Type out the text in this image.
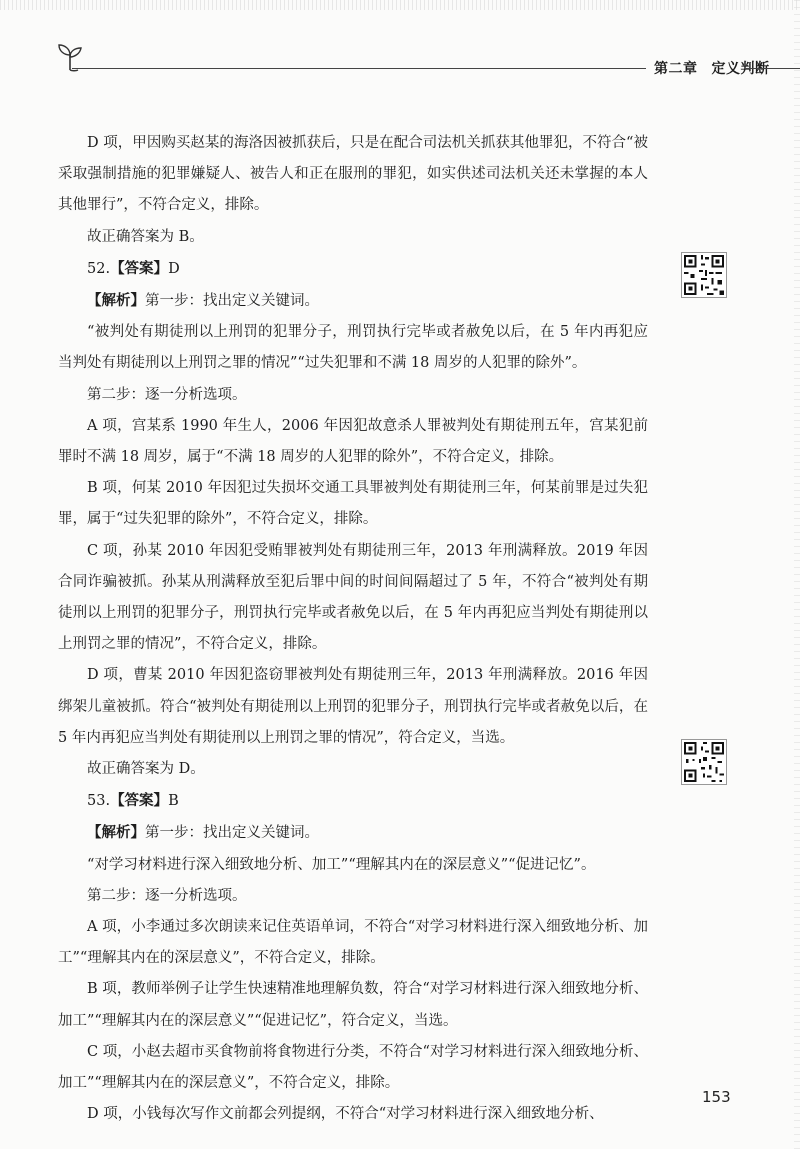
第二章 定义判断

D 项，甲因购买赵某的海洛因被抓获后，只是在配合司法机关抓获其他罪犯，不符合“被采取强制措施的犯罪嫌疑人、被告人和正在服刑的罪犯，如实供述司法机关还未掌握的本人其他罪行”，不符合定义，排除。

故正确答案为 B。

52.【答案】D

【解析】第一步：找出定义关键词。

“被判处有期徒刑以上刑罚的犯罪分子，刑罚执行完毕或者赦免以后，在 5 年内再犯应当判处有期徒刑以上刑罚之罪的情况”“过失犯罪和不满 18 周岁的人犯罪的除外”。

第二步：逐一分析选项。

A 项，宫某系 1990 年生人，2006 年因犯故意杀人罪被判处有期徒刑五年，宫某犯前罪时不满 18 周岁，属于“不满 18 周岁的人犯罪的除外”，不符合定义，排除。

B 项，何某 2010 年因犯过失损坏交通工具罪被判处有期徒刑三年，何某前罪是过失犯罪，属于“过失犯罪的除外”，不符合定义，排除。

C 项，孙某 2010 年因犯受贿罪被判处有期徒刑三年，2013 年刑满释放。2019 年因合同诈骗被抓。孙某从刑满释放至犯后罪中间的时间间隔超过了 5 年，不符合“被判处有期徒刑以上刑罚的犯罪分子，刑罚执行完毕或者赦免以后，在 5 年内再犯应当判处有期徒刑以上刑罚之罪的情况”，不符合定义，排除。

D 项，曹某 2010 年因犯盗窃罪被判处有期徒刑三年，2013 年刑满释放。2016 年因绑架儿童被抓。符合“被判处有期徒刑以上刑罚的犯罪分子，刑罚执行完毕或者赦免以后，在 5 年内再犯应当判处有期徒刑以上刑罚之罪的情况”，符合定义，当选。

故正确答案为 D。

53.【答案】B

【解析】第一步：找出定义关键词。

“对学习材料进行深入细致地分析、加工”“理解其内在的深层意义”“促进记忆”。

第二步：逐一分析选项。

A 项，小李通过多次朗读来记住英语单词，不符合“对学习材料进行深入细致地分析、加工”“理解其内在的深层意义”，不符合定义，排除。

B 项，教师举例子让学生快速精准地理解负数，符合“对学习材料进行深入细致地分析、加工”“理解其内在的深层意义”“促进记忆”，符合定义，当选。

C 项，小赵去超市买食物前将食物进行分类，不符合“对学习材料进行深入细致地分析、加工”“理解其内在的深层意义”，不符合定义，排除。

D 项，小钱每次写作文前都会列提纲，不符合“对学习材料进行深入细致地分析、

153
